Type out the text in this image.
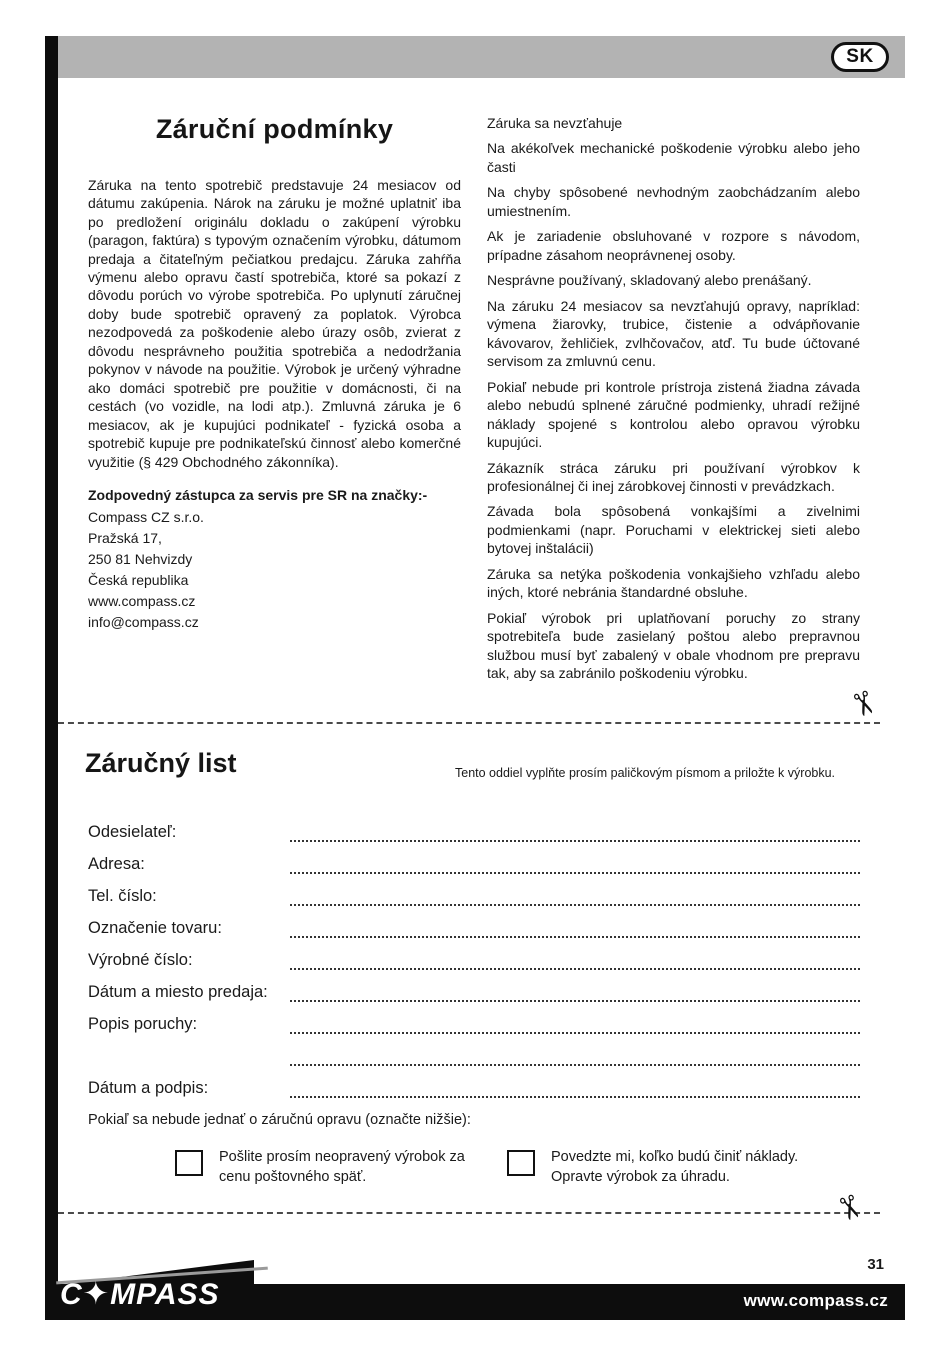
SK
Záruční podmínky
Záruka na tento spotrebič predstavuje 24 mesiacov od dátumu zakúpenia. Nárok na záruku je možné uplatniť iba po predložení originálu dokladu o zakúpení výrobku (paragon, faktúra) s typovým označením výrobku, dátumom predaja a čitateľným pečiatkou predajcu. Záruka zahŕňa výmenu alebo opravu častí spotrebiča, ktoré sa pokazí z dôvodu porúch vo výrobe spotrebiča. Po uplynutí záručnej doby bude spotrebič opravený za poplatok. Výrobca nezodpovedá za poškodenie alebo úrazy osôb, zvierat z dôvodu nesprávneho použitia spotrebiča a nedodržania pokynov v návode na použitie. Výrobok je určený výhradne ako domáci spotrebič pre použitie v domácnosti, či na cestách (vo vozidle, na lodi atp.). Zmluvná záruka je 6 mesiacov, ak je kupujúci podnikateľ - fyzická osoba a spotrebič kupuje pre podnikateľskú činnosť alebo komerčné využitie (§ 429 Obchodného zákonníka).
Zodpovedný zástupca za servis pre SR na značky:-
Compass CZ s.r.o.
Pražská 17,
250 81 Nehvizdy
Česká republika
www.compass.cz
info@compass.cz
Záruka sa nevzťahuje
Na akékoľvek mechanické poškodenie výrobku alebo jeho časti
Na chyby spôsobené nevhodným zaobchádzaním alebo umiestnením.
Ak je zariadenie obsluhované v rozpore s návodom, prípadne zásahom neoprávnenej osoby.
Nesprávne používaný, skladovaný alebo prenášaný.
Na záruku 24 mesiacov sa nevzťahujú opravy, napríklad: výmena žiarovky, trubice, čistenie a odvápňovanie kávovarov, žehličiek, zvlhčovačov, atď. Tu bude účtované servisom za zmluvnú cenu.
Pokiaľ nebude pri kontrole prístroja zistená žiadna závada alebo nebudú splnené záručné podmienky, uhradí režijné náklady spojené s kontrolou alebo opravou výrobku kupujúci.
Zákazník stráca záruku pri používaní výrobkov k profesionálnej či inej zárobkovej činnosti v prevádzkach.
Závada bola spôsobená vonkajšími a zivelnimi podmienkami (napr. Poruchami v elektrickej sieti alebo bytovej inštalácii)
Záruka sa netýka poškodenia vonkajšieho vzhľadu alebo iných, ktoré nebránia štandardné obsluhe.
Pokiaľ výrobok pri uplatňovaní poruchy zo strany spotrebiteľa bude zasielaný poštou alebo prepravnou službou musí byť zabalený v obale vhodnom pre prepravu tak, aby sa zabránilo poškodeniu výrobku.
✂
Záručný list	Tento oddiel vyplňte prosím paličkovým písmom a priložte k výrobku.
Odesielateľ:
Adresa:
Tel. číslo:
Označenie tovaru:
Výrobné číslo:
Dátum a miesto predaja:
Popis poruchy:
Dátum a podpis:
Pokiaľ sa nebude jednať o záručnú opravu (označte nižšie):
Pošlite prosím neopravený výrobok za cenu poštovného späť.
Povedzte mi, koľko budú činiť náklady. Opravte výrobok za úhradu.
✂
31
C✦MPASS	www.compass.cz
